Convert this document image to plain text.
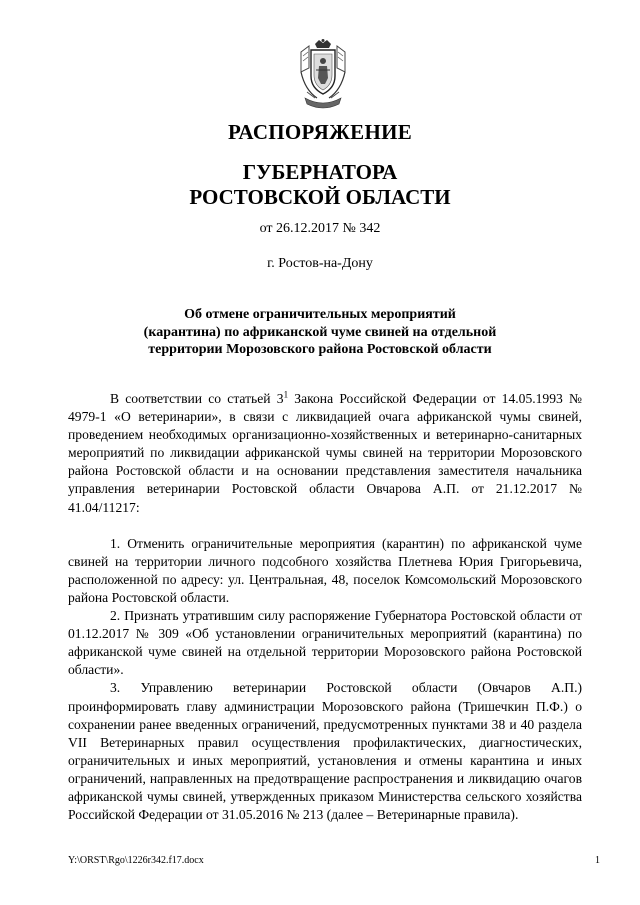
РАСПОРЯЖЕНИЕ
ГУБЕРНАТОРА
РОСТОВСКОЙ ОБЛАСТИ
от 26.12.2017 № 342
г. Ростов-на-Дону
Об отмене ограничительных мероприятий
(карантина) по африканской чуме свиней на отдельной
территории Морозовского района Ростовской области

В соответствии со статьей $3^1$ Закона Российской Федерации от 14.05.1993 № 4979-1 «О ветеринарии», в связи с ликвидацией очага африканской чумы свиней, проведением необходимых организационно-хозяйственных и ветеринарно-санитарных мероприятий по ликвидации африканской чумы свиней на территории Морозовского района Ростовской области и на основании представления заместителя начальника управления ветеринарии Ростовской области Овчарова А.П. от 21.12.2017 № 41.04/11217:

1. Отменить ограничительные мероприятия (карантин) по африканской чуме свиней на территории личного подсобного хозяйства Плетнева Юрия Григорьевича, расположенной по адресу: ул. Центральная, 48, поселок Комсомольский Морозовского района Ростовской области.

2. Признать утратившим силу распоряжение Губернатора Ростовской области от 01.12.2017 № 309 «Об установлении ограничительных мероприятий (карантина) по африканской чуме свиней на отдельной территории Морозовского района Ростовской области».

3. Управлению ветеринарии Ростовской области (Овчаров А.П.) проинформировать главу администрации Морозовского района (Тришечкин П.Ф.) о сохранении ранее введенных ограничений, предусмотренных пунктами 38 и 40 раздела VII Ветеринарных правил осуществления профилактических, диагностических, ограничительных и иных мероприятий, установления и отмены карантина и иных ограничений, направленных на предотвращение распространения и ликвидацию очагов африканской чумы свиней, утвержденных приказом Министерства сельского хозяйства Российской Федерации от 31.05.2016 № 213 (далее – Ветеринарные правила).

Y:\ORST\Rgo\1226r342.f17.docx	1
